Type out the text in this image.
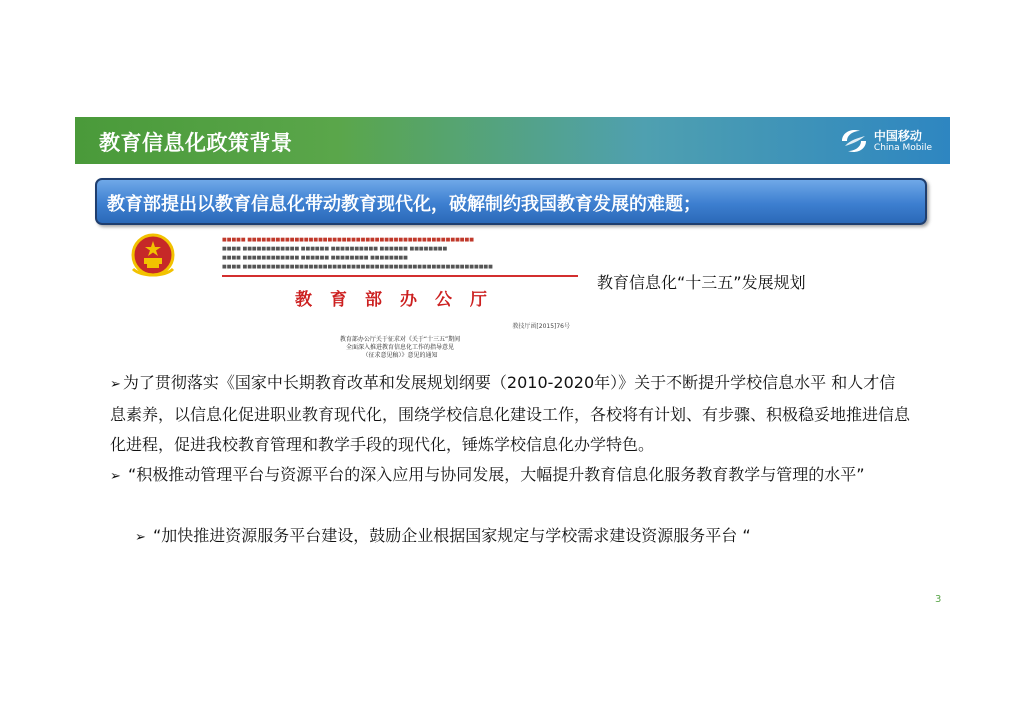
教育信息化政策背景	中国移动
China Mobile
教育部提出以教育信息化带动教育现代化，破解制约我国教育发展的难题；
■■■■■ ■■■■■■■■■■■■■■■■■■■■■■■■■■■■■■■■■■■■■■■■■■■■■■■■
■■■■ ■■■■■■■■■■■■ ■■■■■■ ■■■■■■■■■■ ■■■■■■ ■■■■■■■■
■■■■ ■■■■■■■■■■■■ ■■■■■■ ■■■■■■■■ ■■■■■■■■
■■■■ ■■■■■■■■■■■■■■■■■■■■■■■■■■■■■■■■■■■■■■■■■■■■■■■■■■■■■
教育部办公厅
教技厅函[2015]76号
教育部办公厅关于征求对《关于“十三五”期间
全面深入推进教育信息化工作的指导意见
（征求意见稿）》意见的通知
教育信息化“十三五”发展规划

➢ 为了贯彻落实《国家中长期教育改革和发展规划纲要（2010-2020年）》关于不断提升学校信息水平 和人才信息素养，以信息化促进职业教育现代化，围绕学校信息化建设工作，各校将有计划、有步骤、积极稳妥地推进信息化进程，促进我校教育管理和教学手段的现代化，锤炼学校信息化办学特色。

➢ “积极推动管理平台与资源平台的深入应用与协同发展，大幅提升教育信息化服务教育教学与管理的水平”

➢ “加快推进资源服务平台建设，鼓励企业根据国家规定与学校需求建设资源服务平台 “
3
